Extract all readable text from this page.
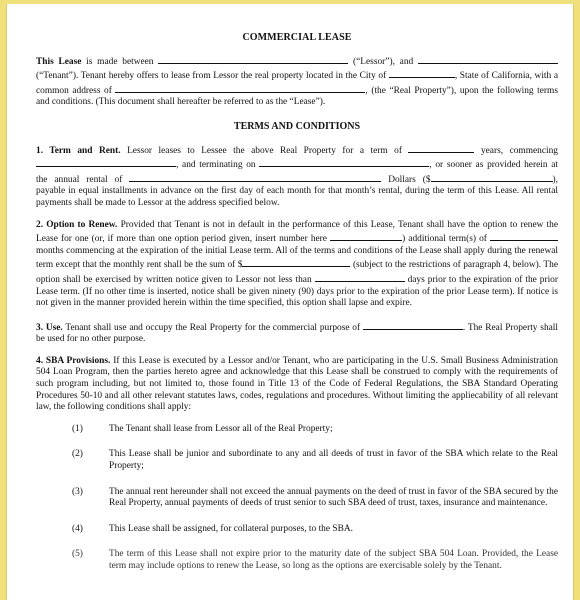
COMMERCIAL LEASE

This Lease is made between	(“Lessor”), and  (“Tenant”). Tenant hereby offers to lease from Lessor the real property located in the City of	, State of California, with a common address of	, (the “Real Property”), upon the following terms and conditions. (This document shall hereafter be referred to as the “Lease”).

TERMS AND CONDITIONS

1. Term and Rent. Lessor leases to Lessee the above Real Property for a term of	years, commencing , and terminating on	, or sooner as provided herein at the annual rental of	Dollars ($	), payable in equal installments in advance on the first day of each month for that month’s rental, during the term of this Lease. All rental payments shall be made to Lessor at the address specified below.

2. Option to Renew. Provided that Tenant is not in default in the performance of this Lease, Tenant shall have the option to renew the Lease for one (or, if more than one option period given, insert number here	) additional term(s) of  months commencing at the expiration of the initial Lease term. All of the terms and conditions of the Lease shall apply during the renewal term except that the monthly rent shall be the sum of $	(subject to the restrictions of paragraph 4, below). The option shall be exercised by written notice given to Lessor not less than	days prior to the expiration of the prior Lease term. (If no other time is inserted, notice shall be given ninety (90) days prior to the expiration of the prior Lease term). If notice is not given in the manner provided herein within the time specified, this option shall lapse and expire.

3. Use. Tenant shall use and occupy the Real Property for the commercial purpose of	. The Real Property shall be used for no other purpose.

4. SBA Provisions. If this Lease is executed by a Lessor and/or Tenant, who are participating in the U.S. Small Business Administration 504 Loan Program, then the parties hereto agree and acknowledge that this Lease shall be construed to comply with the requirements of such program including, but not limited to, those found in Title 13 of the Code of Federal Regulations, the SBA Standard Operating Procedures 50-10 and all other relevant statutes laws, codes, regulations and procedures. Without limiting the appliecability of all relevant law, the following conditions shall apply:

(1)	The Tenant shall lease from Lessor all of the Real Property;
(2)	This Lease shall be junior and subordinate to any and all deeds of trust in favor of the SBA which relate to the Real Property;
(3)	The annual rent hereunder shall not exceed the annual payments on the deed of trust in favor of the SBA secured by the Real Property, annual payments of deeds of trust senior to such SBA deed of trust, taxes, insurance and maintenance.
(4)	This Lease shall be assigned, for collateral purposes, to the SBA.
(5)	The term of this Lease shall not expire prior to the maturity date of the subject SBA 504 Loan. Provided, the Lease term may include options to renew the Lease, so long as the options are exercisable solely by the Tenant.
